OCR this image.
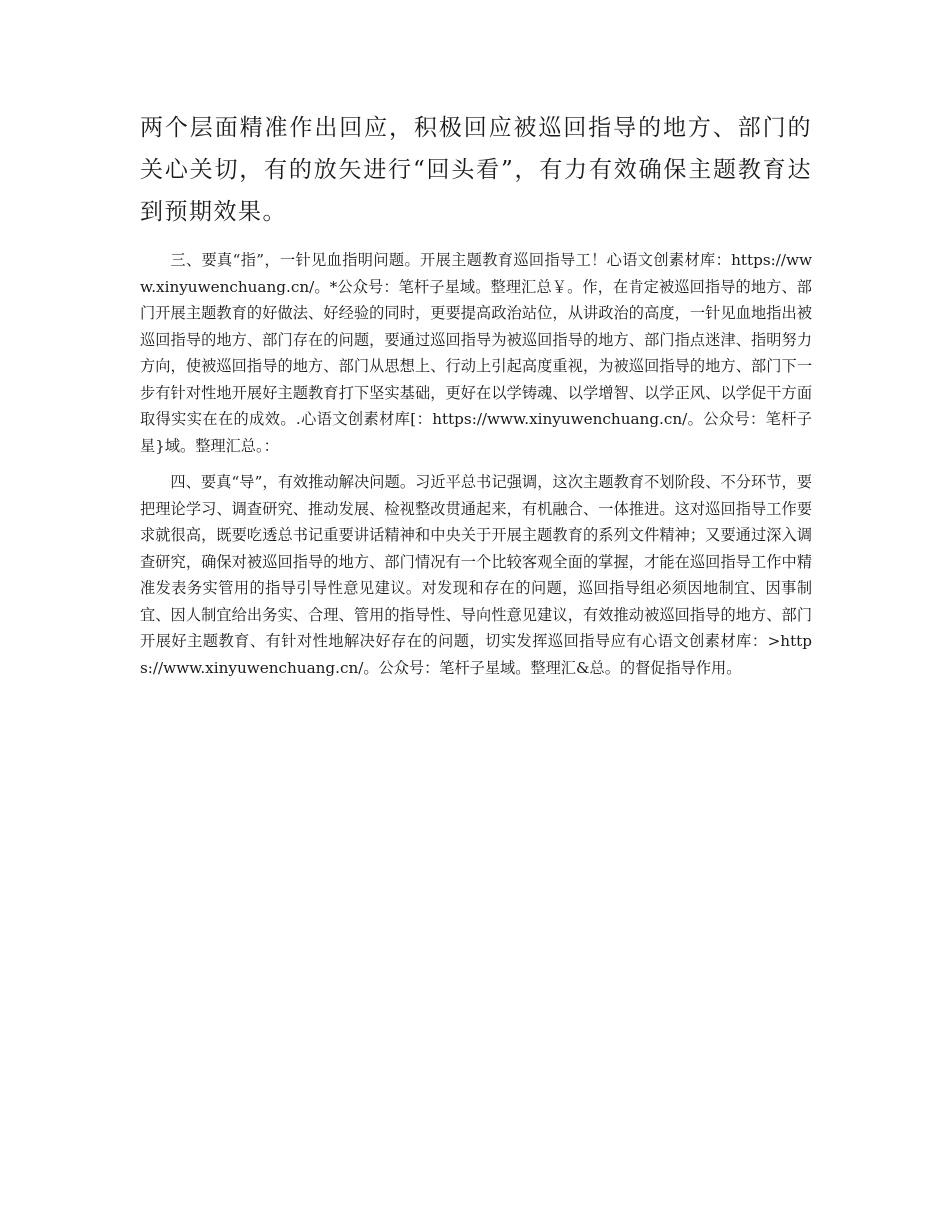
两个层面精准作出回应，积极回应被巡回指导的地方、部门的关心关切，有的放矢进行“回头看”，有力有效确保主题教育达到预期效果。

三、要真“指”，一针见血指明问题。开展主题教育巡回指导工！心语文创素材库：https://www.xinyuwenchuang.cn/。*公众号：笔杆子星域。整理汇总￥。作，在肯定被巡回指导的地方、部门开展主题教育的好做法、好经验的同时，更要提高政治站位，从讲政治的高度，一针见血地指出被巡回指导的地方、部门存在的问题，要通过巡回指导为被巡回指导的地方、部门指点迷津、指明努力方向，使被巡回指导的地方、部门从思想上、行动上引起高度重视，为被巡回指导的地方、部门下一步有针对性地开展好主题教育打下坚实基础，更好在以学铸魂、以学增智、以学正风、以学促干方面取得实实在在的成效。.心语文创素材库[：https://www.xinyuwenchuang.cn/。公众号：笔杆子星}域。整理汇总。：

四、要真“导”，有效推动解决问题。习近平总书记强调，这次主题教育不划阶段、不分环节，要把理论学习、调查研究、推动发展、检视整改贯通起来，有机融合、一体推进。这对巡回指导工作要求就很高，既要吃透总书记重要讲话精神和中央关于开展主题教育的系列文件精神；又要通过深入调查研究，确保对被巡回指导的地方、部门情况有一个比较客观全面的掌握，才能在巡回指导工作中精准发表务实管用的指导引导性意见建议。对发现和存在的问题，巡回指导组必须因地制宜、因事制宜、因人制宜给出务实、合理、管用的指导性、导向性意见建议，有效推动被巡回指导的地方、部门开展好主题教育、有针对性地解决好存在的问题，切实发挥巡回指导应有心语文创素材库：>https://www.xinyuwenchuang.cn/。公众号：笔杆子星域。整理汇&总。的督促指导作用。
